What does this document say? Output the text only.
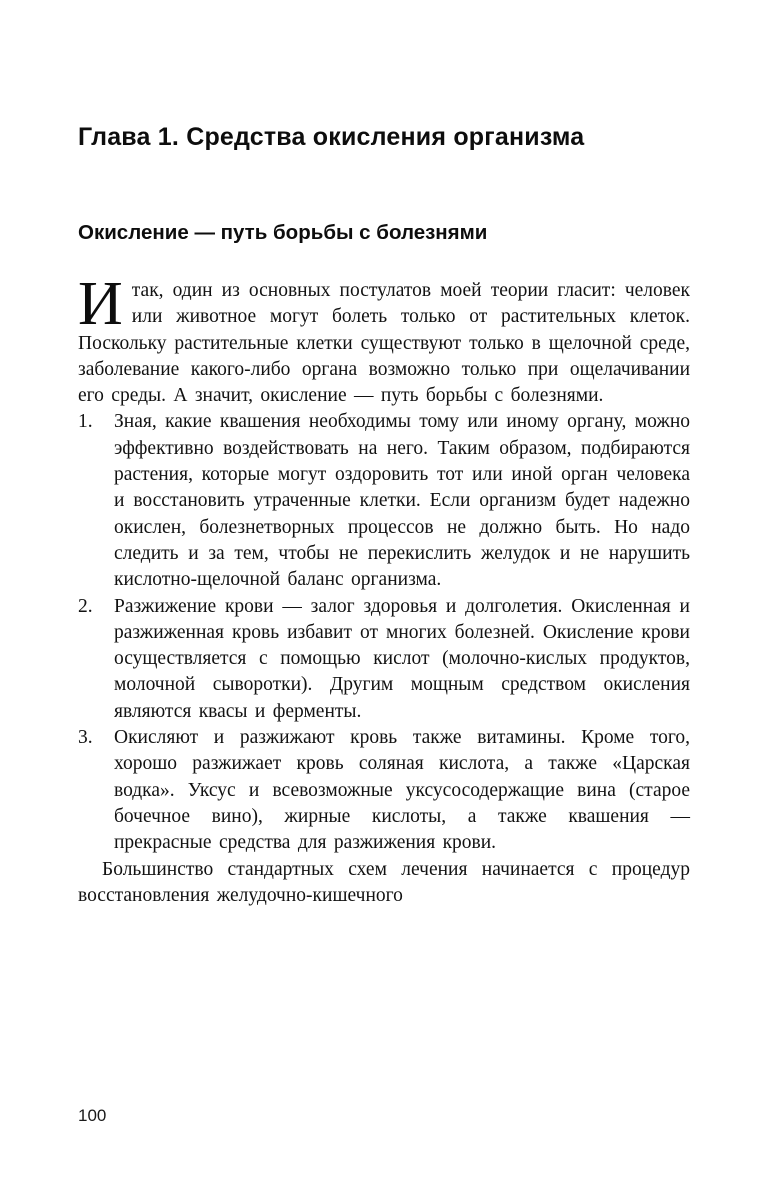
Глава 1. Средства окисления организма
Окисление — путь борьбы с болезнями

Итак, один из основных постулатов моей теории гласит: человек или животное могут болеть только от растительных клеток. Поскольку растительные клетки существуют только в щелочной среде, заболевание какого-либо органа возможно только при ощелачивании его среды. А значит, окисление — путь борьбы с болезнями.

1. Зная, какие квашения необходимы тому или иному органу, можно эффективно воздействовать на него. Таким образом, подбираются растения, которые могут оздоровить тот или иной орган человека и восстановить утраченные клетки. Если организм будет надежно окислен, болезнетворных процессов не должно быть. Но надо следить и за тем, чтобы не перекислить желудок и не нарушить кислотно-щелочной баланс организма.
2. Разжижение крови — залог здоровья и долголетия. Окисленная и разжиженная кровь избавит от многих болезней. Окисление крови осуществляется с помощью кислот (молочно-кислых продуктов, молочной сыворотки). Другим мощным средством окисления являются квасы и ферменты.
3. Окисляют и разжижают кровь также витамины. Кроме того, хорошо разжижает кровь соляная кислота, а также «Царская водка». Уксус и всевозможные уксусосодержащие вина (старое бочечное вино), жирные кислоты, а также квашения — прекрасные средства для разжижения крови.

Большинство стандартных схем лечения начинается с процедур восстановления желудочно-кишечного

100
